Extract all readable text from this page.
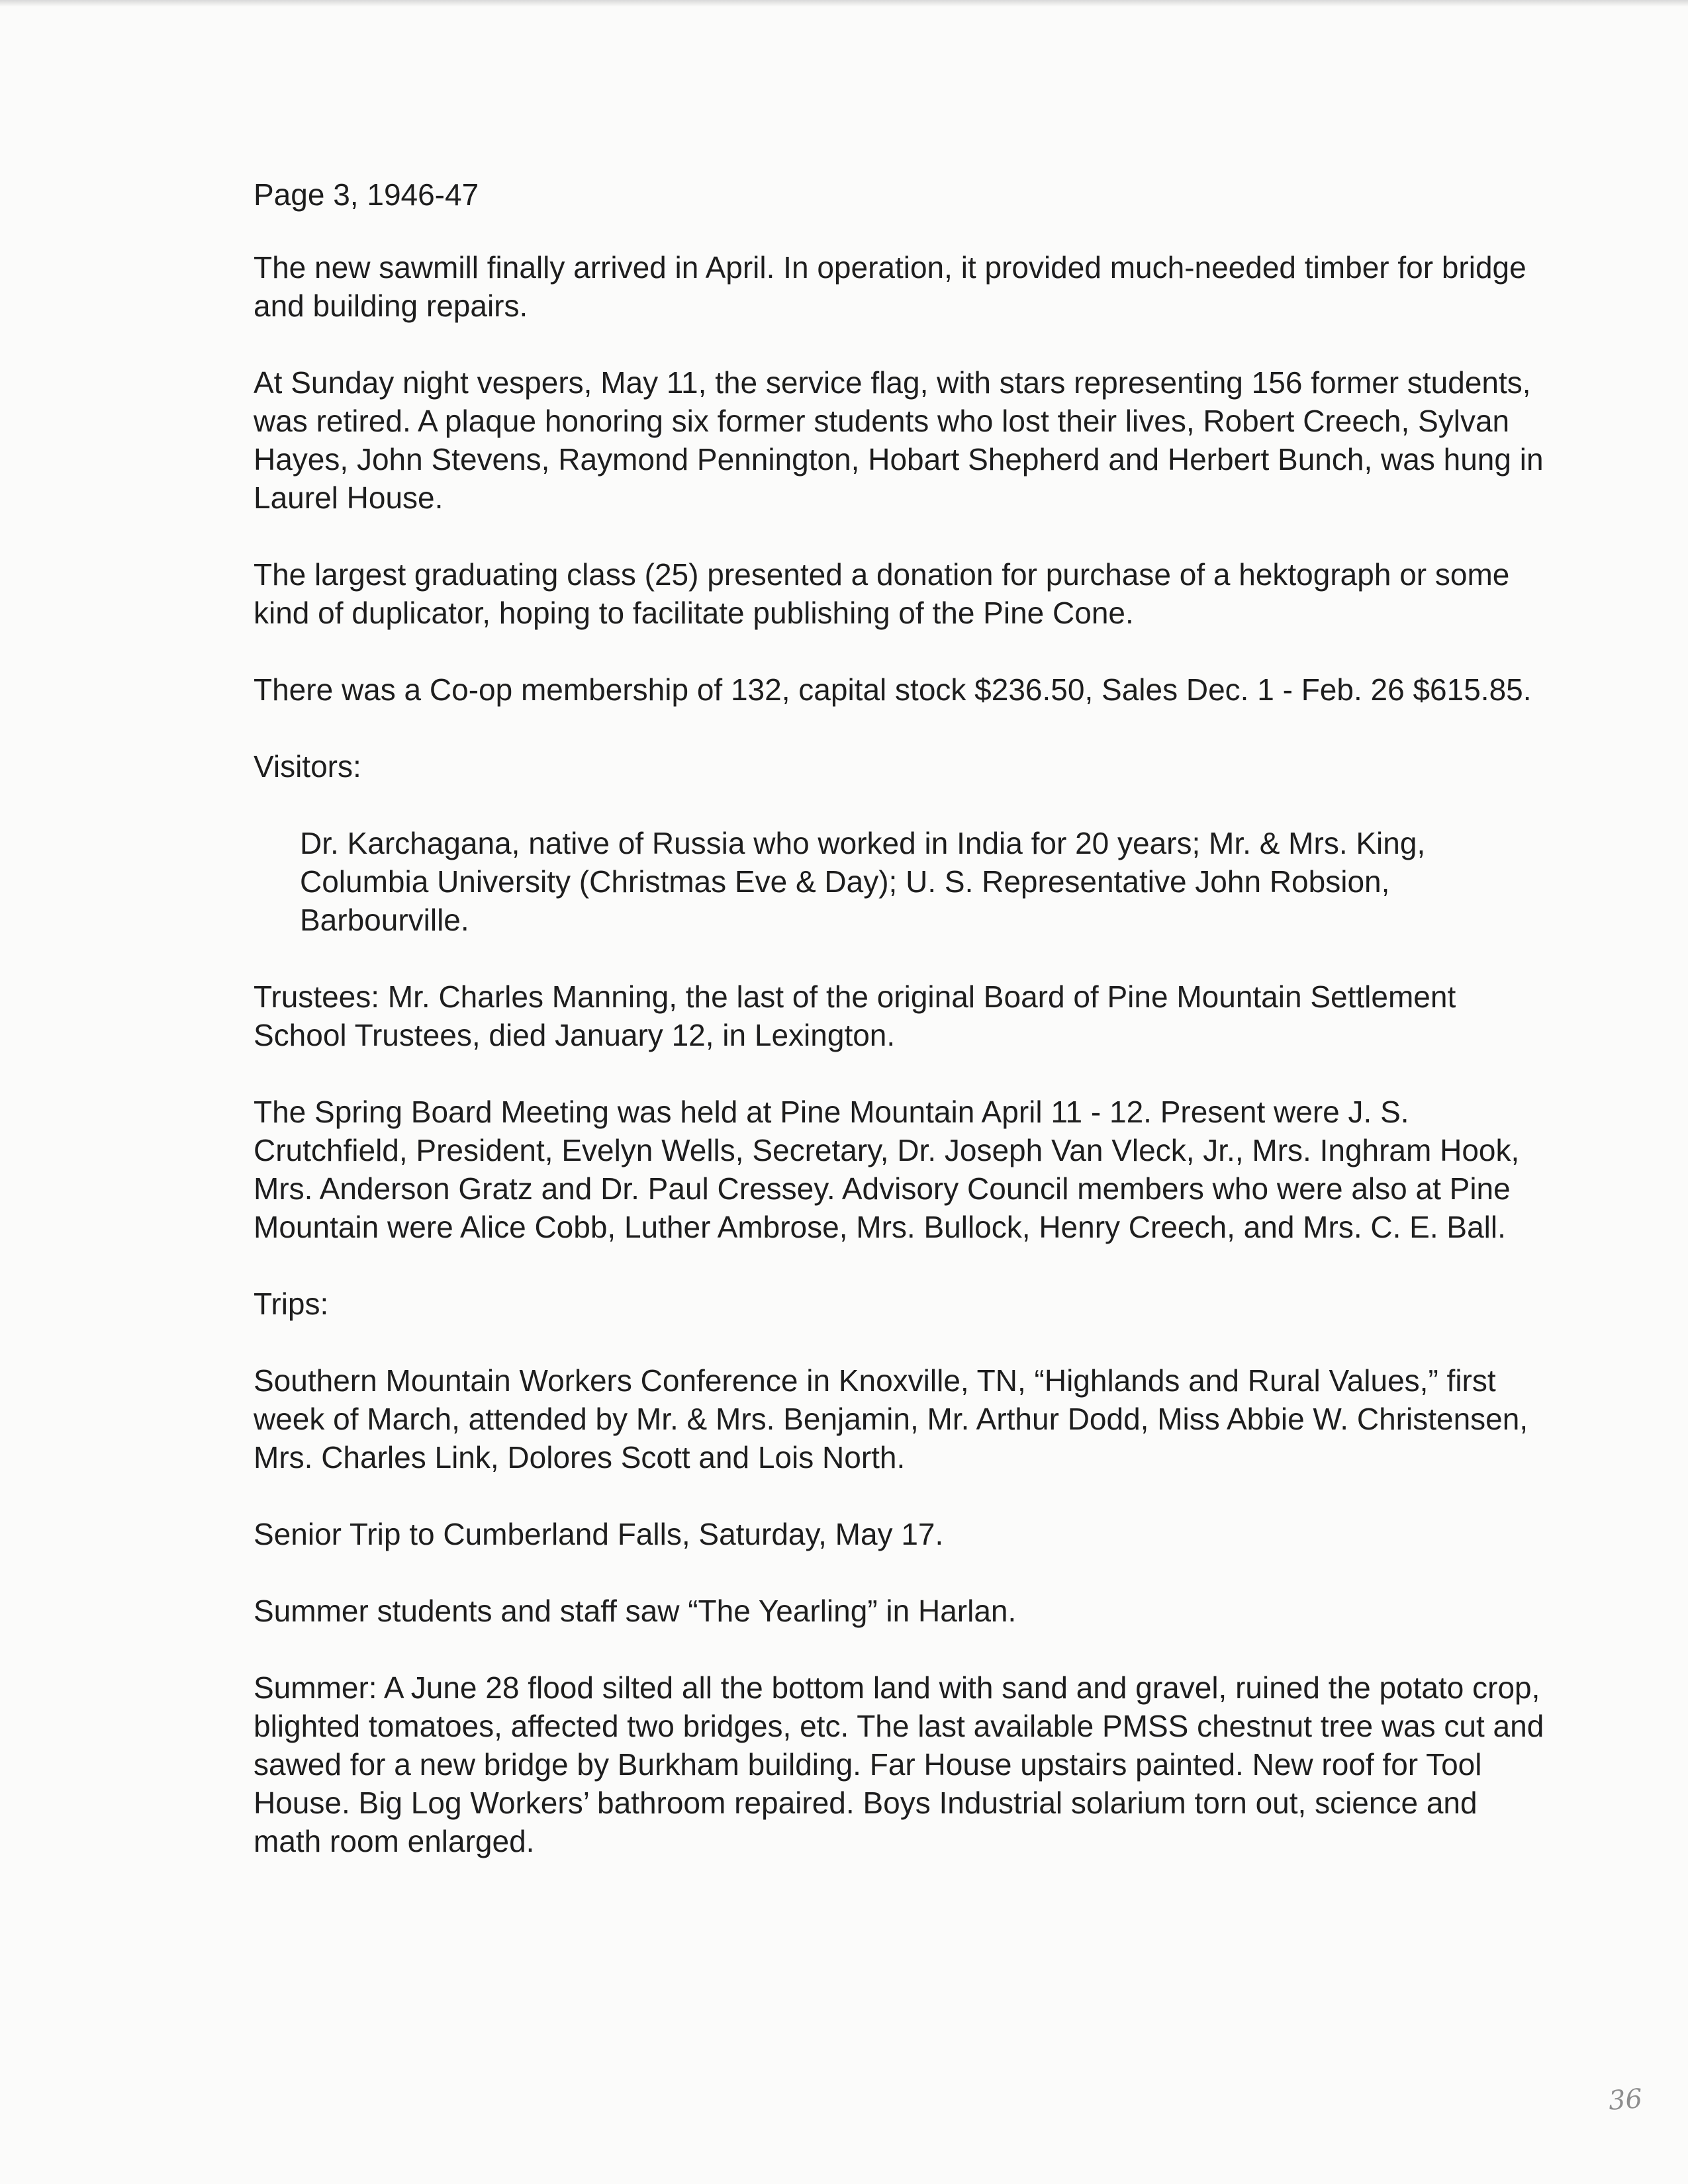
Page 3, 1946-47

The new sawmill finally arrived in April. In operation, it provided much-needed timber for bridge and building repairs.

At Sunday night vespers, May 11, the service flag, with stars representing 156 former students, was retired. A plaque honoring six former students who lost their lives, Robert Creech, Sylvan Hayes, John Stevens, Raymond Pennington, Hobart Shepherd and Herbert Bunch, was hung in Laurel House.

The largest graduating class (25) presented a donation for purchase of a hektograph or some kind of duplicator, hoping to facilitate publishing of the Pine Cone.

There was a Co-op membership of 132, capital stock $236.50, Sales Dec. 1 - Feb. 26 $615.85.

Visitors:

Dr. Karchagana, native of Russia who worked in India for 20 years; Mr. & Mrs. King, Columbia University (Christmas Eve & Day); U. S. Representative John Robsion, Barbourville.

Trustees: Mr. Charles Manning, the last of the original Board of Pine Mountain Settlement School Trustees, died January 12, in Lexington.

The Spring Board Meeting was held at Pine Mountain April 11 - 12. Present were J. S. Crutchfield, President, Evelyn Wells, Secretary, Dr. Joseph Van Vleck, Jr., Mrs. Inghram Hook, Mrs. Anderson Gratz and Dr. Paul Cressey. Advisory Council members who were also at Pine Mountain were Alice Cobb, Luther Ambrose, Mrs. Bullock, Henry Creech, and Mrs. C. E. Ball.

Trips:

Southern Mountain Workers Conference in Knoxville, TN, “Highlands and Rural Values,” first week of March, attended by Mr. & Mrs. Benjamin, Mr. Arthur Dodd, Miss Abbie W. Christensen, Mrs. Charles Link, Dolores Scott and Lois North.

Senior Trip to Cumberland Falls, Saturday, May 17.

Summer students and staff saw “The Yearling” in Harlan.

Summer: A June 28 flood silted all the bottom land with sand and gravel, ruined the potato crop, blighted tomatoes, affected two bridges, etc. The last available PMSS chestnut tree was cut and sawed for a new bridge by Burkham building. Far House upstairs painted. New roof for Tool House. Big Log Workers’ bathroom repaired. Boys Industrial solarium torn out, science and math room enlarged.

36
